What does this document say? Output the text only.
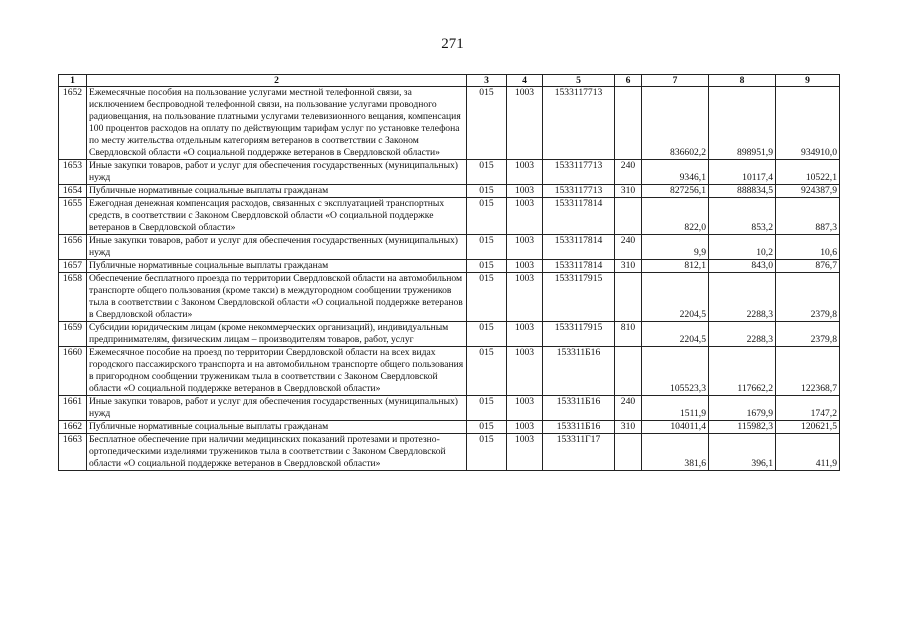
271
1	2	3	4	5	6	7	8	9
1652	Ежемесячные пособия на пользование услугами местной телефонной связи, за исключением беспроводной телефонной связи, на пользование услугами проводного радиовещания, на пользование платными услугами телевизионного вещания, компенсация 100 процентов расходов на оплату по действующим тарифам услуг по установке телефона по месту жительства отдельным категориям ветеранов в соответствии с Законом Свердловской области «О социальной поддержке ветеранов в Свердловской области»	015	1003	1533117713		836602,2	898951,9	934910,0
1653	Иные закупки товаров, работ и услуг для обеспечения государственных (муниципальных) нужд	015	1003	1533117713	240	9346,1	10117,4	10522,1
1654	Публичные нормативные социальные выплаты гражданам	015	1003	1533117713	310	827256,1	888834,5	924387,9
1655	Ежегодная денежная компенсация расходов, связанных с эксплуатацией транспортных средств, в соответствии с Законом Свердловской области «О социальной поддержке ветеранов в Свердловской области»	015	1003	1533117814		822,0	853,2	887,3
1656	Иные закупки товаров, работ и услуг для обеспечения государственных (муниципальных) нужд	015	1003	1533117814	240	9,9	10,2	10,6
1657	Публичные нормативные социальные выплаты гражданам	015	1003	1533117814	310	812,1	843,0	876,7
1658	Обеспечение бесплатного проезда по территории Свердловской области на автомобильном транспорте общего пользования (кроме такси) в междугородном сообщении тружеников тыла в соответствии с Законом Свердловской области «О социальной поддержке ветеранов в Свердловской области»	015	1003	1533117915		2204,5	2288,3	2379,8
1659	Субсидии юридическим лицам (кроме некоммерческих организаций), индивидуальным предпринимателям, физическим лицам – производителям товаров, работ, услуг	015	1003	1533117915	810	2204,5	2288,3	2379,8
1660	Ежемесячное пособие на проезд по территории Свердловской области на всех видах городского пассажирского транспорта и на автомобильном транспорте общего пользования в пригородном сообщении труженикам тыла в соответствии с Законом Свердловской области «О социальной поддержке ветеранов в Свердловской области»	015	1003	153311Б16		105523,3	117662,2	122368,7
1661	Иные закупки товаров, работ и услуг для обеспечения государственных (муниципальных) нужд	015	1003	153311Б16	240	1511,9	1679,9	1747,2
1662	Публичные нормативные социальные выплаты гражданам	015	1003	153311Б16	310	104011,4	115982,3	120621,5
1663	Бесплатное обеспечение при наличии медицинских показаний протезами и протезно-ортопедическими изделиями тружеников тыла в соответствии с Законом Свердловской области «О социальной поддержке ветеранов в Свердловской области»	015	1003	153311Г17		381,6	396,1	411,9
